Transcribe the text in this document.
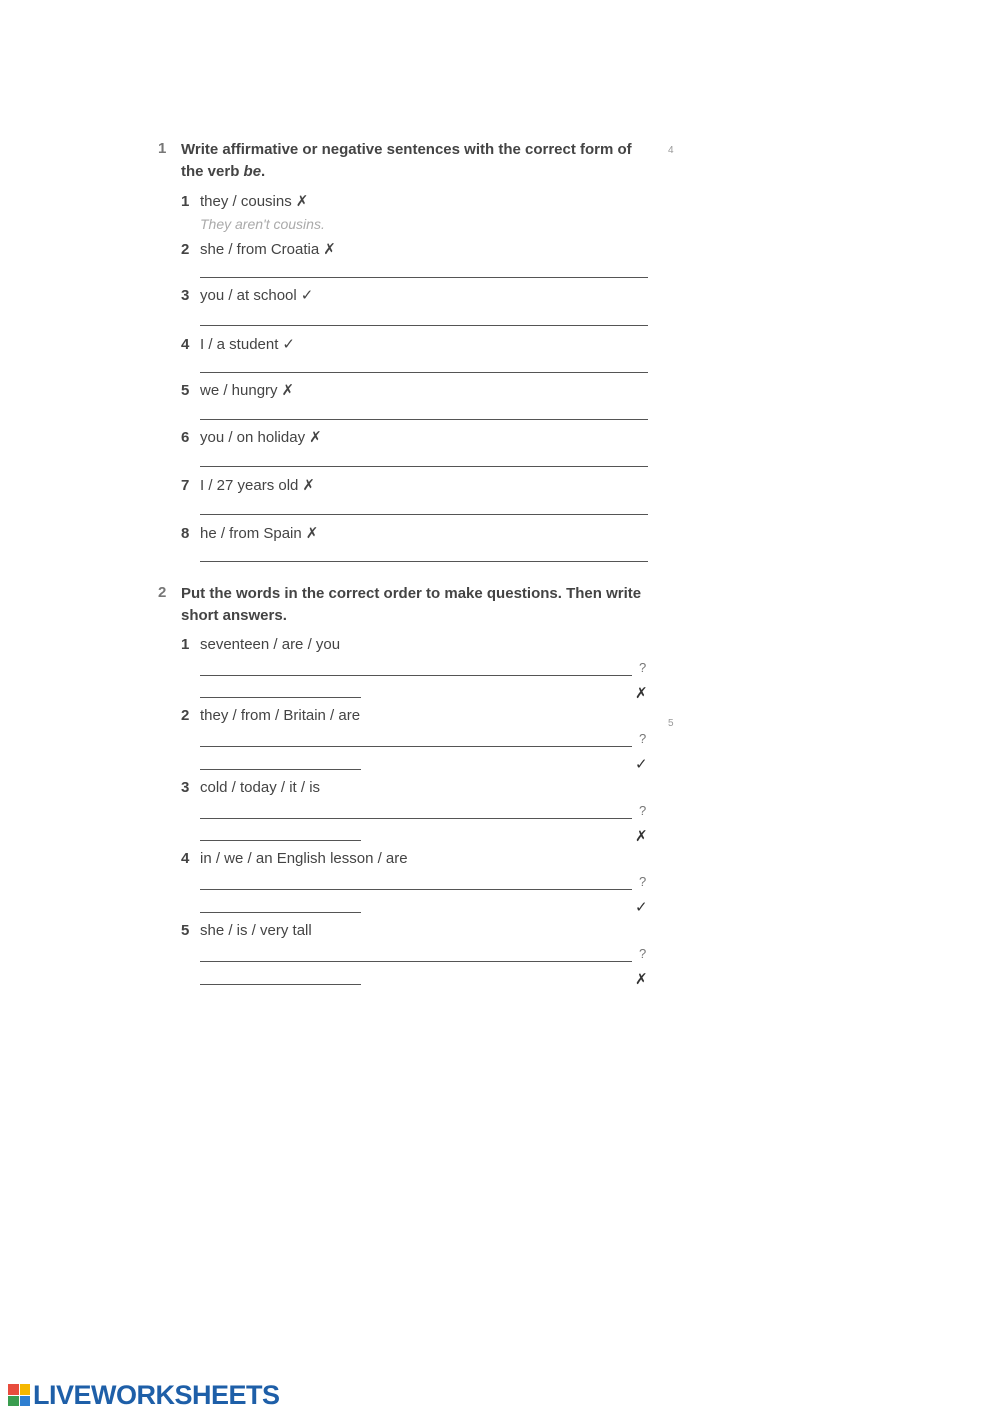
1 Write affirmative or negative sentences with the correct form of the verb be.
4
1 they / cousins ✗
They aren't cousins.
2 she / from Croatia ✗
3 you / at school ✓
4 I / a student ✓
5 we / hungry ✗
6 you / on holiday ✗
7 I / 27 years old ✗
8 he / from Spain ✗
2 Put the words in the correct order to make questions. Then write short answers.
1 seventeen / are / you
?
✗
2 they / from / Britain / are
?
5
✓
3 cold / today / it / is
?
✗
4 in / we / an English lesson / are
?
✓
5 she / is / very tall
?
✗
LIVEWORKSHEETS
